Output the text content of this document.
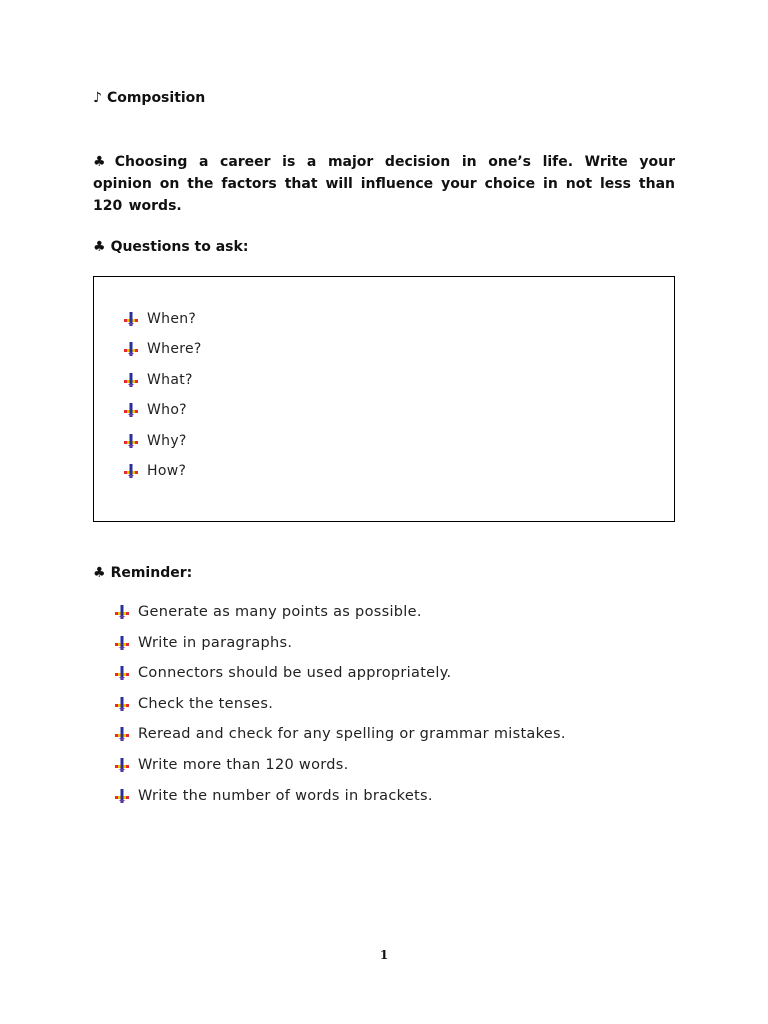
♪ Composition
♣ Choosing a career is a major decision in one’s life. Write your opinion on the factors that will influence your choice in not less than 120 words.
♣ Questions to ask:
When?
Where?
What?
Who?
Why?
How?
♣ Reminder:
Generate as many points as possible.
Write in paragraphs.
Connectors should be used appropriately.
Check the tenses.
Reread and check for any spelling or grammar mistakes.
Write more than 120 words.
Write the number of words in brackets.
1
